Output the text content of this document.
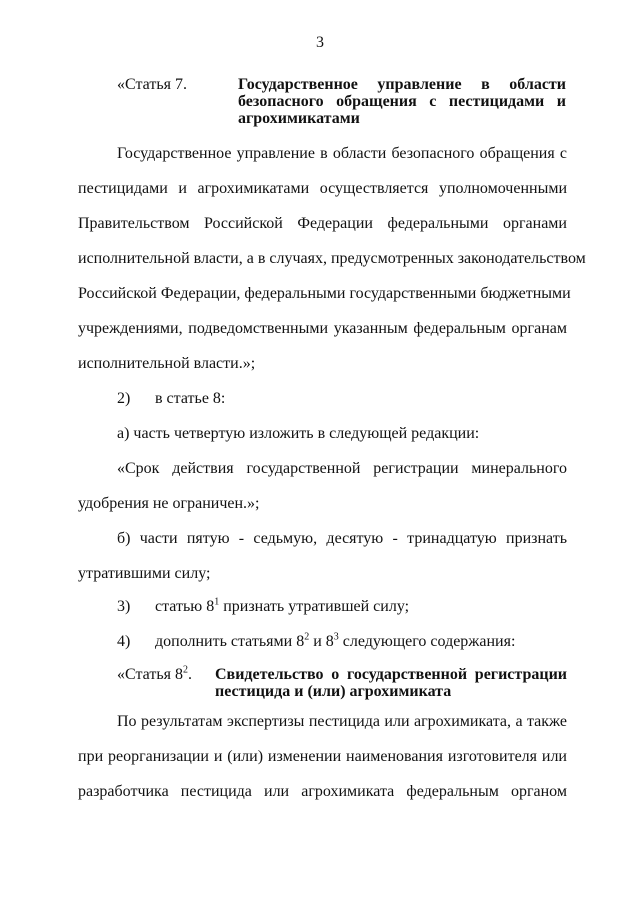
3
«Статья 7.	Государственное управление в области
безопасного обращения с пестицидами и
агрохимикатами
Государственное управление в области безопасного обращения с
пестицидами и агрохимикатами осуществляется уполномоченными
Правительством Российской Федерации федеральными органами
исполнительной власти, а в случаях, предусмотренных законодательством
Российской Федерации, федеральными государственными бюджетными
учреждениями, подведомственными указанным федеральным органам
исполнительной власти.»;
2) в статье 8:
а) часть четвертую изложить в следующей редакции:
«Срок действия государственной регистрации минерального
удобрения не ограничен.»;
б) части пятую - седьмую, десятую - тринадцатую признать
утратившими силу;
3) статью $8^1$ признать утратившей силу;
4) дополнить статьями $8^2$ и $8^3$ следующего содержания:
«Статья $8^2$. Свидетельство о государственной регистрации
пестицида и (или) агрохимиката
По результатам экспертизы пестицида или агрохимиката, а также
при реорганизации и (или) изменении наименования изготовителя или
разработчика пестицида или агрохимиката федеральным органом
